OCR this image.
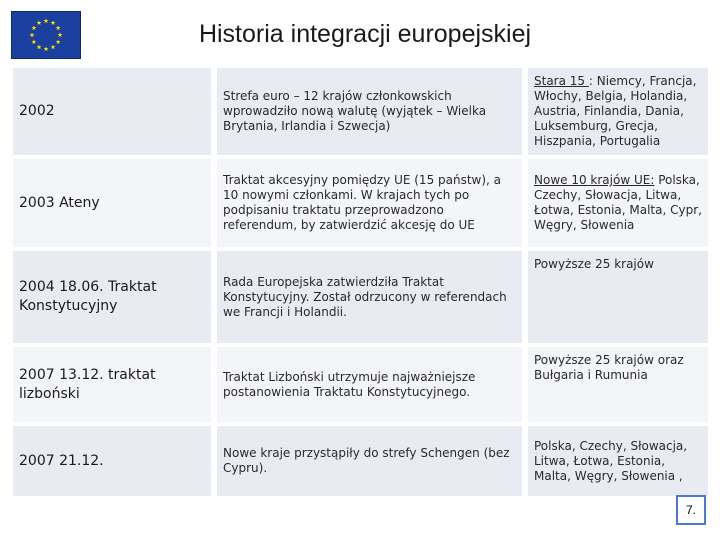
Historia integracji europejskiej
2002	Strefa euro – 12 krajów członkowskich wprowadziło nową walutę (wyjątek – Wielka Brytania, Irlandia i Szwecja)	Stara 15 : Niemcy, Francja, Włochy, Belgia, Holandia, Austria, Finlandia, Dania, Luksemburg, Grecja, Hiszpania, Portugalia
2003 Ateny	Traktat akcesyjny pomiędzy UE (15 państw), a 10 nowymi członkami. W krajach tych po podpisaniu traktatu przeprowadzono referendum, by zatwierdzić akcesję do UE	Nowe 10 krajów UE: Polska, Czechy, Słowacja, Litwa, Łotwa, Estonia, Malta, Cypr, Węgry, Słowenia
2004 18.06. Traktat Konstytucyjny	Rada Europejska zatwierdziła Traktat Konstytucyjny. Został odrzucony w referendach we Francji i Holandii.	Powyższe 25 krajów
2007 13.12. traktat lizboński	Traktat Lizboński utrzymuje najważniejsze postanowienia Traktatu Konstytucyjnego.	Powyższe 25 krajów oraz Bułgaria i Rumunia
2007 21.12.	Nowe kraje przystąpiły do strefy Schengen (bez Cypru).	Polska, Czechy, Słowacja, Litwa, Łotwa, Estonia, Malta, Węgry, Słowenia ,
7.
